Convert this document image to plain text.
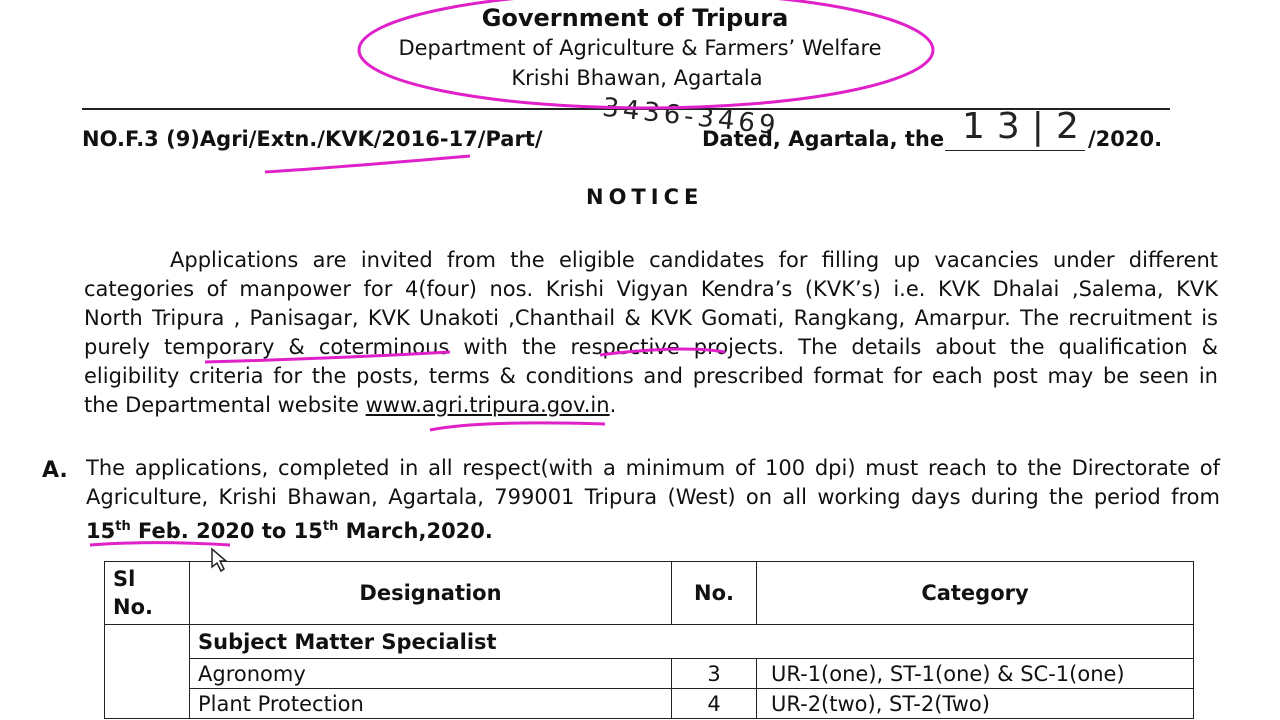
Government of Tripura
Department of Agriculture & Farmers’ Welfare
Krishi Bhawan, Agartala
NO.F.3 (9)Agri/Extn./KVK/2016-17/Part/ 3436-3469
Dated, Agartala, the 13|2
/2020.
NOTICE
Applications are invited from the eligible candidates for filling up vacancies under different
categories of manpower for 4(four) nos. Krishi Vigyan Kendra’s (KVK’s) i.e. KVK Dhalai ,Salema, KVK
North Tripura , Panisagar, KVK Unakoti ,Chanthail & KVK Gomati, Rangkang, Amarpur. The recruitment is
purely temporary & coterminous with the respective projects. The details about the qualification &
eligibility criteria for the posts, terms & conditions and prescribed format for each post may be seen in
the Departmental website www.agri.tripura.gov.in.
A. The applications, completed in all respect(with a minimum of 100 dpi) must reach to the Directorate of
Agriculture, Krishi Bhawan, Agartala, 799001 Tripura (West) on all working days during the period from
15th Feb. 2020 to 15th March,2020.
Sl No.	Designation	No.	Category
	Subject Matter Specialist		
	Agronomy	3	UR-1(one), ST-1(one) & SC-1(one)
	Plant Protection	4	UR-2(two), ST-2(Two)
